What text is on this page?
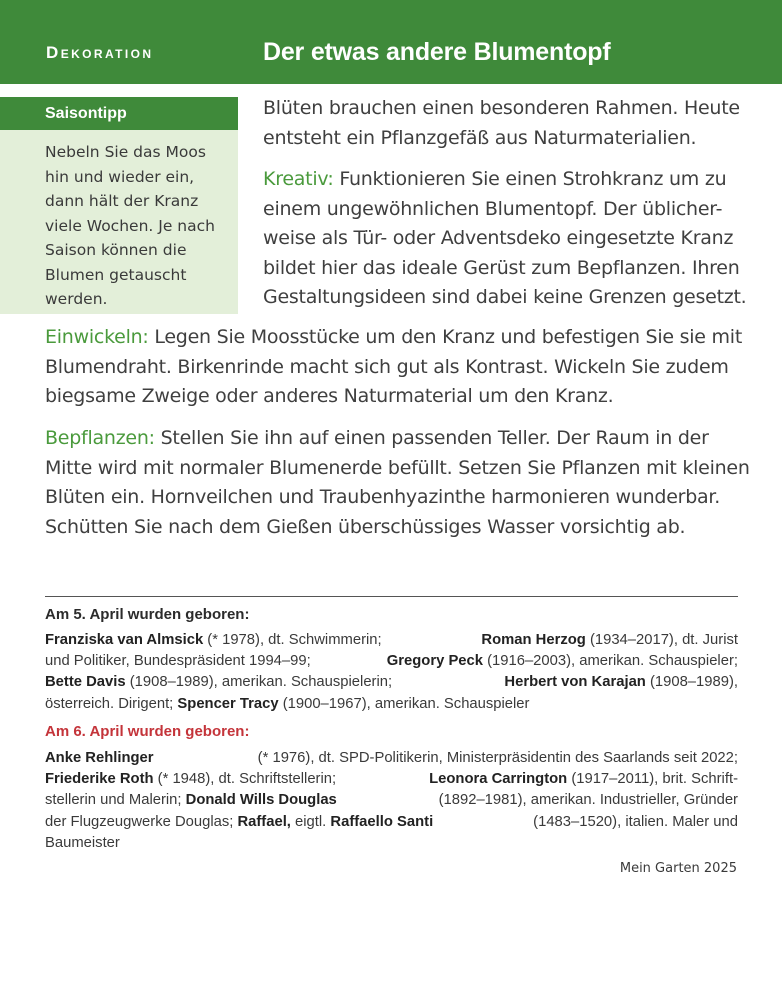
Dekoration	Der etwas andere Blumentopf
Saisontipp

Nebeln Sie das Moos
hin und wieder ein,
dann hält der Kranz
viele Wochen. Je nach
Saison können die
Blumen getauscht
werden.

Blüten brauchen einen besonderen Rahmen. Heute
entsteht ein Pflanzgefäß aus Naturmaterialien.

Kreativ: Funktionieren Sie einen Strohkranz um zu
einem ungewöhnlichen Blumentopf. Der üblicher-
weise als Tür- oder Adventsdeko eingesetzte Kranz
bildet hier das ideale Gerüst zum Bepflanzen. Ihren
Gestaltungsideen sind dabei keine Grenzen gesetzt.

Einwickeln: Legen Sie Moosstücke um den Kranz und befestigen Sie sie mit
Blumendraht. Birkenrinde macht sich gut als Kontrast. Wickeln Sie zudem
biegsame Zweige oder anderes Naturmaterial um den Kranz.

Bepflanzen: Stellen Sie ihn auf einen passenden Teller. Der Raum in der
Mitte wird mit normaler Blumenerde befüllt. Setzen Sie Pflanzen mit kleinen
Blüten ein. Hornveilchen und Traubenhyazinthe harmonieren wunderbar.
Schütten Sie nach dem Gießen überschüssiges Wasser vorsichtig ab.

Am 5. April wurden geboren:
Franziska van Almsick (* 1978), dt. Schwimmerin;	Roman Herzog (1934–2017), dt. Jurist
und Politiker, Bundespräsident 1994–99;	Gregory Peck (1916–2003), amerikan. Schauspieler;
Bette Davis (1908–1989), amerikan. Schauspielerin;	Herbert von Karajan (1908–1989),
österreich. Dirigent; Spencer Tracy (1900–1967), amerikan. Schauspieler
Am 6. April wurden geboren:
Anke Rehlinger	(* 1976), dt. SPD-Politikerin, Ministerpräsidentin des Saarlands seit 2022;
Friederike Roth (* 1948), dt. Schriftstellerin;	Leonora Carrington (1917–2011), brit. Schrift-
stellerin und Malerin; Donald Wills Douglas	(1892–1981), amerikan. Industrieller, Gründer
der Flugzeugwerke Douglas; Raffael, eigtl. Raffaello Santi	(1483–1520), italien. Maler und
Baumeister
Mein Garten 2025
